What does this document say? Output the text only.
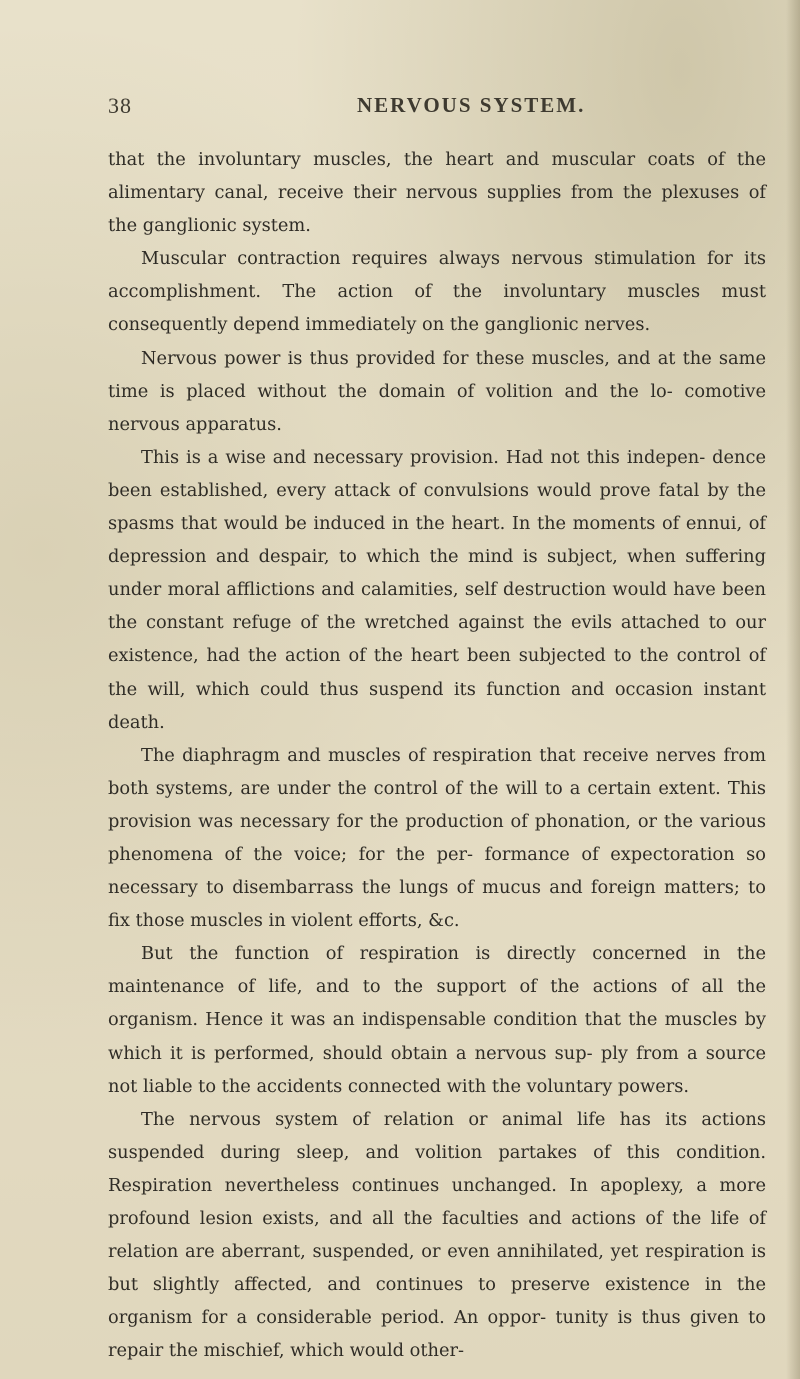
38	NERVOUS SYSTEM.

that the involuntary muscles, the heart and muscular coats of the alimentary canal, receive their nervous supplies from the plexuses of the ganglionic system.

Muscular contraction requires always nervous stimulation for its accomplishment. The action of the involuntary muscles must consequently depend immediately on the ganglionic nerves.

Nervous power is thus provided for these muscles, and at the same time is placed without the domain of volition and the lo- comotive nervous apparatus.

This is a wise and necessary provision. Had not this indepen- dence been established, every attack of convulsions would prove fatal by the spasms that would be induced in the heart. In the moments of ennui, of depression and despair, to which the mind is subject, when suffering under moral afflictions and calamities, self destruction would have been the constant refuge of the wretched against the evils attached to our existence, had the action of the heart been subjected to the control of the will, which could thus suspend its function and occasion instant death.

The diaphragm and muscles of respiration that receive nerves from both systems, are under the control of the will to a certain extent. This provision was necessary for the production of phonation, or the various phenomena of the voice; for the per- formance of expectoration so necessary to disembarrass the lungs of mucus and foreign matters; to fix those muscles in violent efforts, &c.

But the function of respiration is directly concerned in the maintenance of life, and to the support of the actions of all the organism. Hence it was an indispensable condition that the muscles by which it is performed, should obtain a nervous sup- ply from a source not liable to the accidents connected with the voluntary powers.

The nervous system of relation or animal life has its actions suspended during sleep, and volition partakes of this condition. Respiration nevertheless continues unchanged. In apoplexy, a more profound lesion exists, and all the faculties and actions of the life of relation are aberrant, suspended, or even annihilated, yet respiration is but slightly affected, and continues to preserve existence in the organism for a considerable period. An oppor- tunity is thus given to repair the mischief, which would other-
